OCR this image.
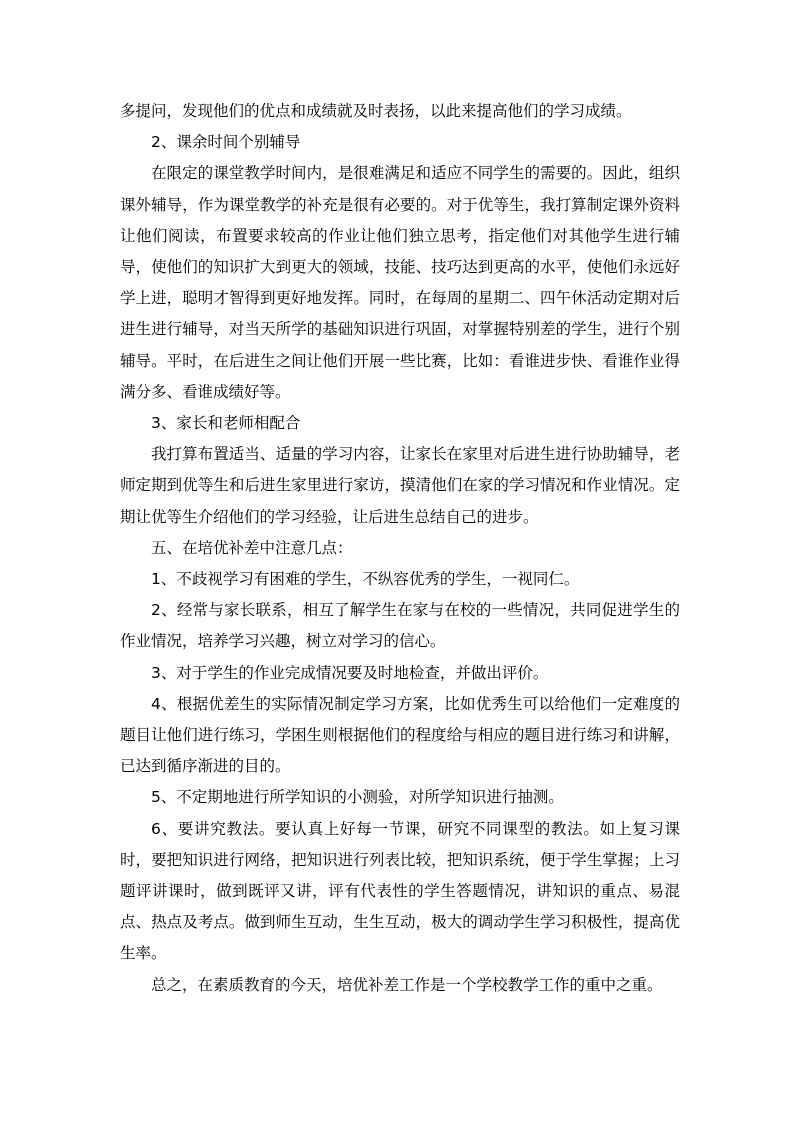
多提问，发现他们的优点和成绩就及时表扬，以此来提高他们的学习成绩。

2、课余时间个别辅导

在限定的课堂教学时间内，是很难满足和适应不同学生的需要的。因此，组织课外辅导，作为课堂教学的补充是很有必要的。对于优等生，我打算制定课外资料让他们阅读，布置要求较高的作业让他们独立思考，指定他们对其他学生进行辅导，使他们的知识扩大到更大的领域，技能、技巧达到更高的水平，使他们永远好学上进，聪明才智得到更好地发挥。同时，在每周的星期二、四午休活动定期对后进生进行辅导，对当天所学的基础知识进行巩固，对掌握特别差的学生，进行个别辅导。平时，在后进生之间让他们开展一些比赛，比如：看谁进步快、看谁作业得满分多、看谁成绩好等。

3、家长和老师相配合

我打算布置适当、适量的学习内容，让家长在家里对后进生进行协助辅导，老师定期到优等生和后进生家里进行家访，摸清他们在家的学习情况和作业情况。定期让优等生介绍他们的学习经验，让后进生总结自己的进步。

五、在培优补差中注意几点：

1、不歧视学习有困难的学生，不纵容优秀的学生，一视同仁。

2、经常与家长联系，相互了解学生在家与在校的一些情况，共同促进学生的作业情况，培养学习兴趣，树立对学习的信心。

3、对于学生的作业完成情况要及时地检查，并做出评价。

4、根据优差生的实际情况制定学习方案，比如优秀生可以给他们一定难度的题目让他们进行练习，学困生则根据他们的程度给与相应的题目进行练习和讲解，已达到循序渐进的目的。

5、不定期地进行所学知识的小测验，对所学知识进行抽测。

6、要讲究教法。要认真上好每一节课，研究不同课型的教法。如上复习课时，要把知识进行网络，把知识进行列表比较，把知识系统，便于学生掌握；上习题评讲课时，做到既评又讲，评有代表性的学生答题情况，讲知识的重点、易混点、热点及考点。做到师生互动，生生互动，极大的调动学生学习积极性，提高优生率。

总之，在素质教育的今天，培优补差工作是一个学校教学工作的重中之重。
